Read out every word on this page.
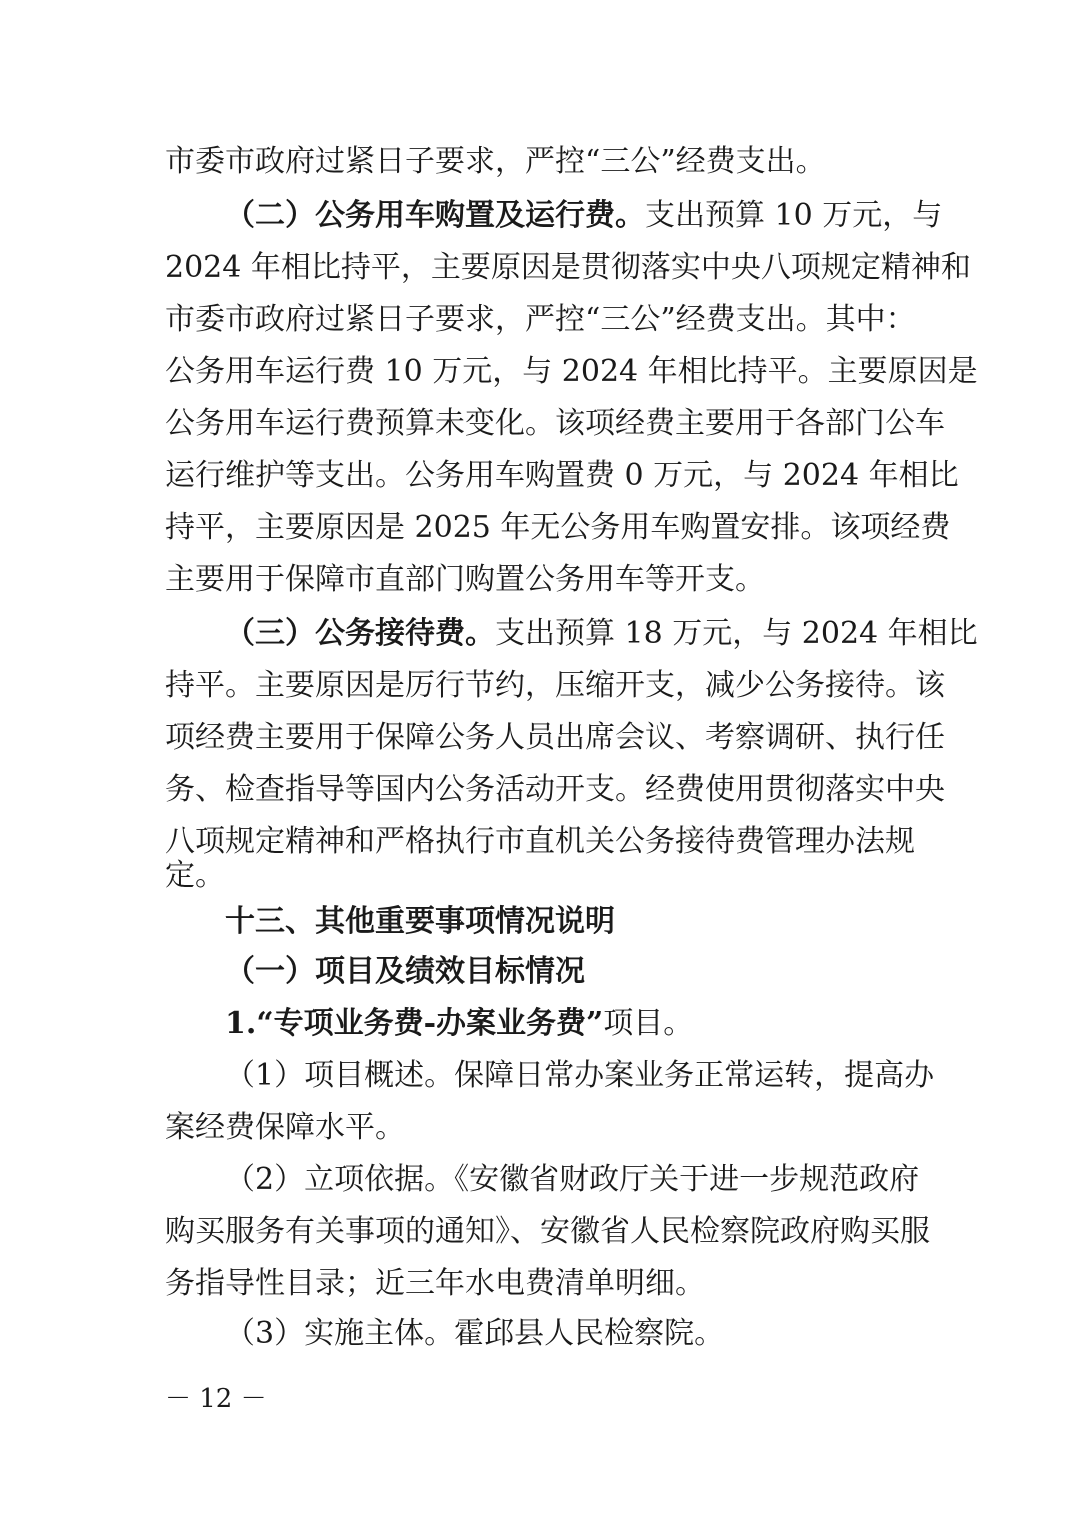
市委市政府过紧日子要求，严控“三公”经费支出。
（二）公务用车购置及运行费。支出预算 10 万元，与
2024 年相比持平，主要原因是贯彻落实中央八项规定精神和
市委市政府过紧日子要求，严控“三公”经费支出。其中：
公务用车运行费 10 万元，与 2024 年相比持平。主要原因是
公务用车运行费预算未变化。该项经费主要用于各部门公车
运行维护等支出。公务用车购置费 0 万元，与 2024 年相比
持平，主要原因是 2025 年无公务用车购置安排。该项经费
主要用于保障市直部门购置公务用车等开支。
（三）公务接待费。支出预算 18 万元，与 2024 年相比
持平。主要原因是厉行节约，压缩开支，减少公务接待。该
项经费主要用于保障公务人员出席会议、考察调研、执行任
务、检查指导等国内公务活动开支。经费使用贯彻落实中央
八项规定精神和严格执行市直机关公务接待费管理办法规
定。
十三、其他重要事项情况说明
（一）项目及绩效目标情况
1.“专项业务费-办案业务费”项目。
（1）项目概述。保障日常办案业务正常运转，提高办
案经费保障水平。
（2）立项依据。《安徽省财政厅关于进一步规范政府
购买服务有关事项的通知》、安徽省人民检察院政府购买服
务指导性目录；近三年水电费清单明细。
（3）实施主体。霍邱县人民检察院。
－ 12 －
